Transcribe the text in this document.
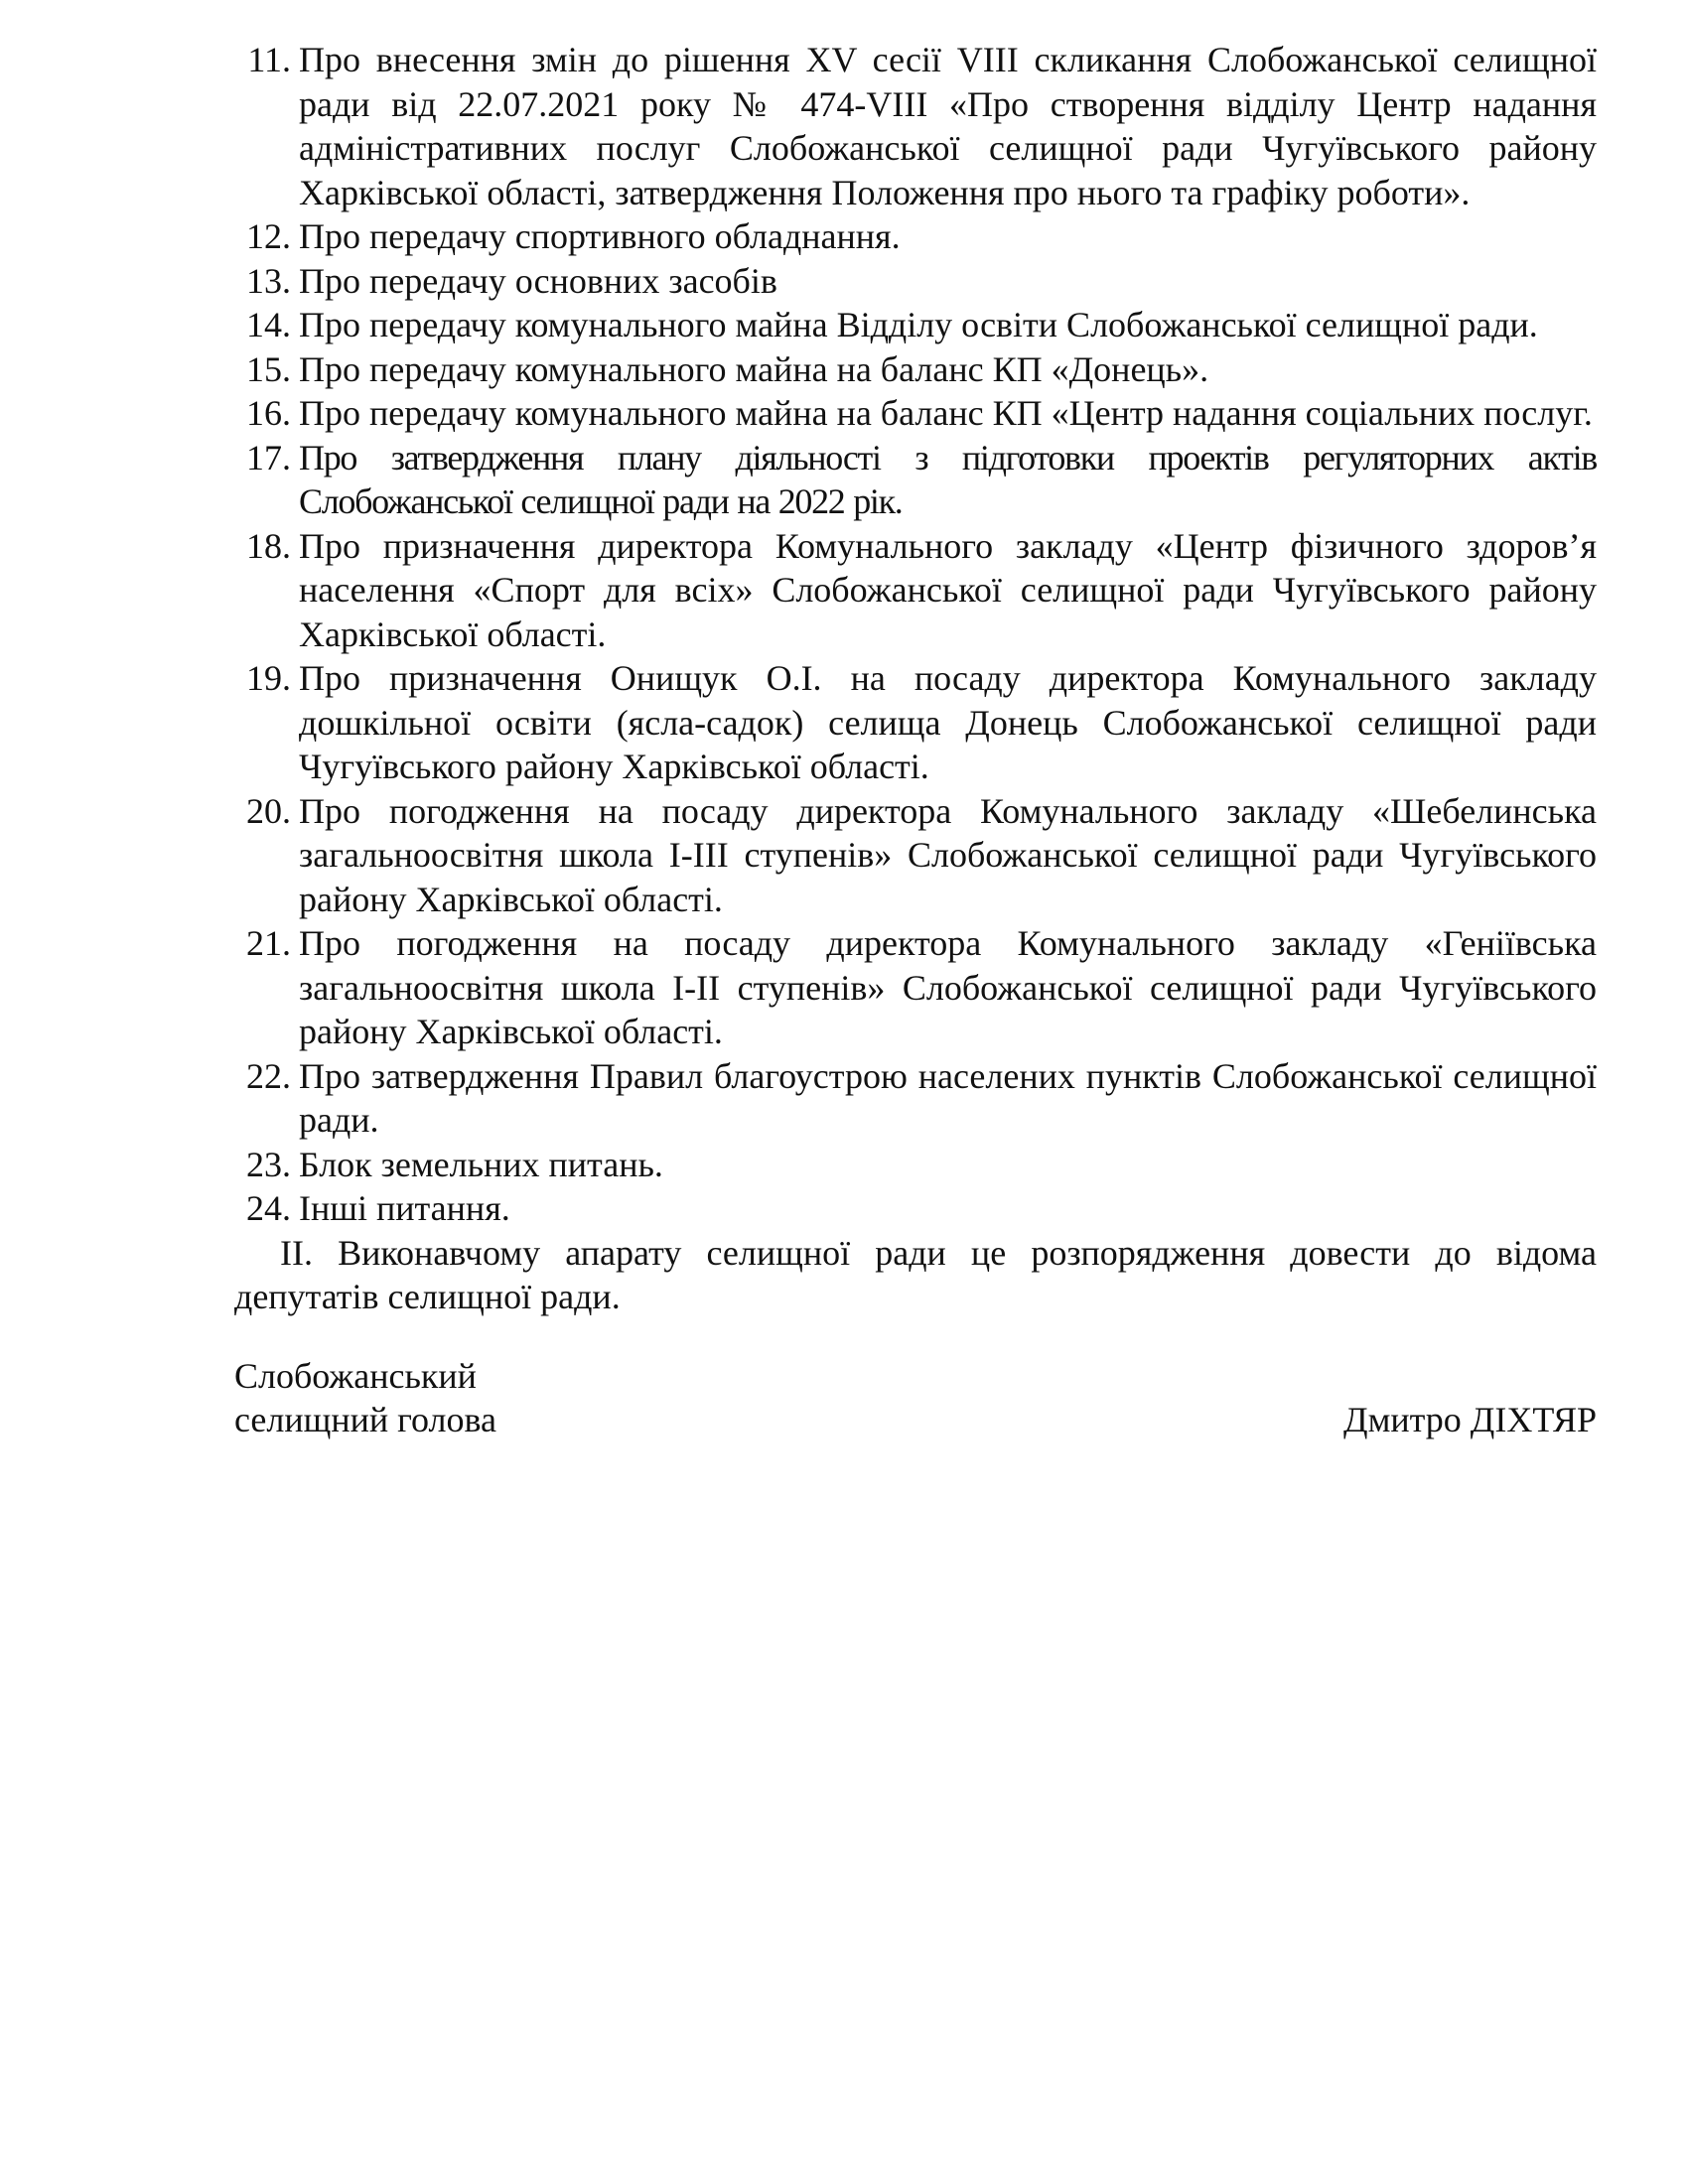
11. Про внесення змін до рішення XV сесії VIII скликання Слобожанської селищної ради від 22.07.2021 року № 474-VIII «Про створення відділу Центр надання адміністративних послуг Слобожанської селищної ради Чугуївського району Харківської області, затвердження Положення про нього та графіку роботи».
12. Про передачу спортивного обладнання.
13. Про передачу основних засобів
14. Про передачу комунального майна Відділу освіти Слобожанської селищної ради.
15. Про передачу комунального майна на баланс КП «Донець».
16. Про передачу комунального майна на баланс КП «Центр надання соціальних послуг.
17. Про затвердження плану діяльності з підготовки проектів регуляторних актів Слобожанської селищної ради на 2022 рік.
18. Про призначення директора Комунального закладу «Центр фізичного здоров’я населення «Спорт для всіх» Слобожанської селищної ради Чугуївського району Харківської області.
19. Про призначення Онищук О.І. на посаду директора Комунального закладу дошкільної освіти (ясла-садок) селища Донець Слобожанської селищної ради Чугуївського району Харківської області.
20. Про погодження на посаду директора Комунального закладу «Шебелинська загальноосвітня школа І-ІІІ ступенів» Слобожанської селищної ради Чугуївського району Харківської області.
21. Про погодження на посаду директора Комунального закладу «Геніївська загальноосвітня школа І-ІІ ступенів» Слобожанської селищної ради Чугуївського району Харківської області.
22. Про затвердження Правил благоустрою населених пунктів Слобожанської селищної ради.
23. Блок земельних питань.
24. Інші питання.

ІІ. Виконавчому апарату селищної ради це розпорядження довести до відома депутатів селищної ради.

Слобожанський
селищний голова	Дмитро ДІХТЯР
